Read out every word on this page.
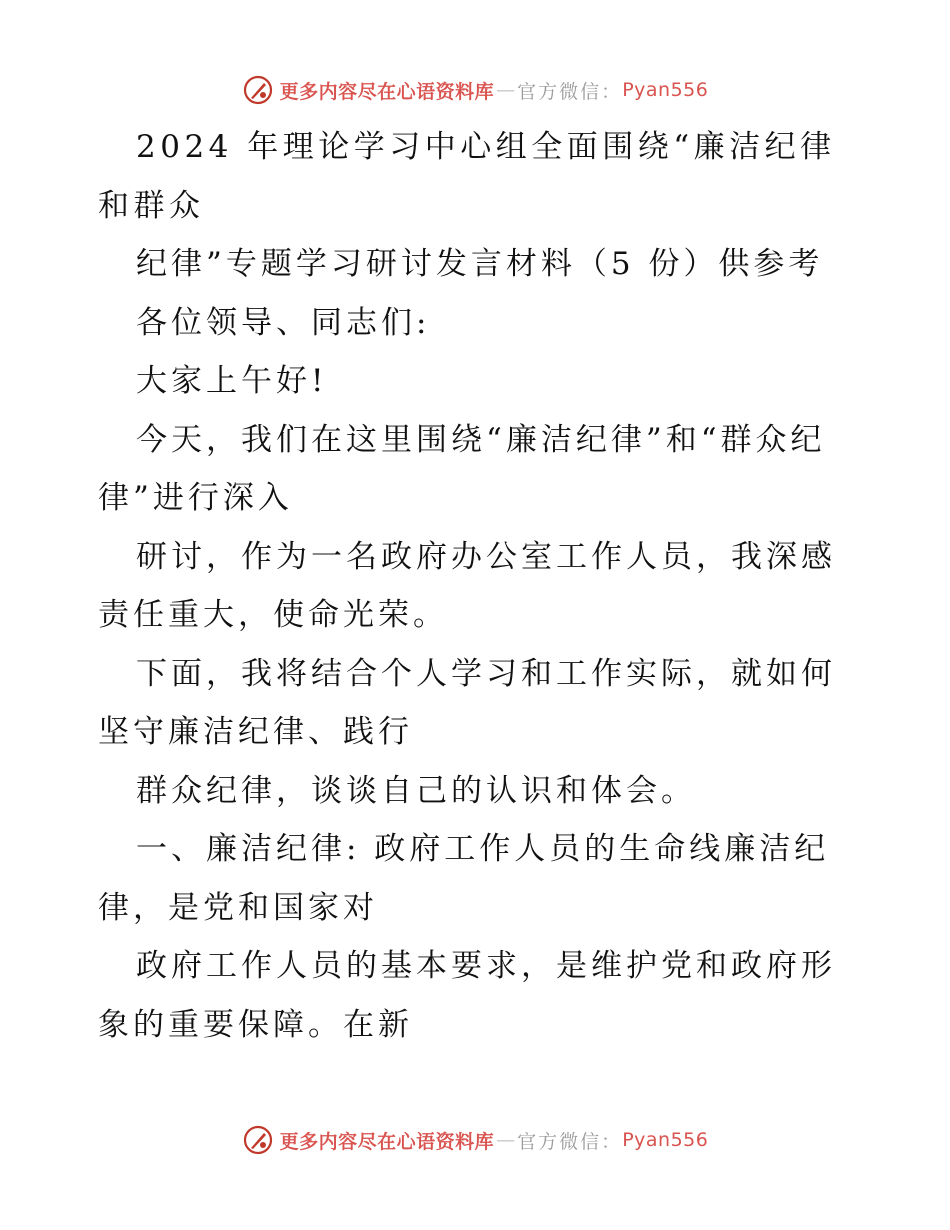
更多内容尽在心语资料库 — 官方微信： Pyan556

2024 年理论学习中心组全面围绕“廉洁纪律和群众

纪律”专题学习研讨发言材料（5 份）供参考

各位领导、同志们:

大家上午好!

今天，我们在这里围绕“廉洁纪律”和“群众纪律”进行深入

研讨，作为一名政府办公室工作人员，我深感责任重大，使命光荣。

下面，我将结合个人学习和工作实际，就如何坚守廉洁纪律、践行

群众纪律，谈谈自己的认识和体会。

一、廉洁纪律: 政府工作人员的生命线廉洁纪律，是党和国家对

政府工作人员的基本要求，是维护党和政府形象的重要保障。在新

更多内容尽在心语资料库 — 官方微信： Pyan556
